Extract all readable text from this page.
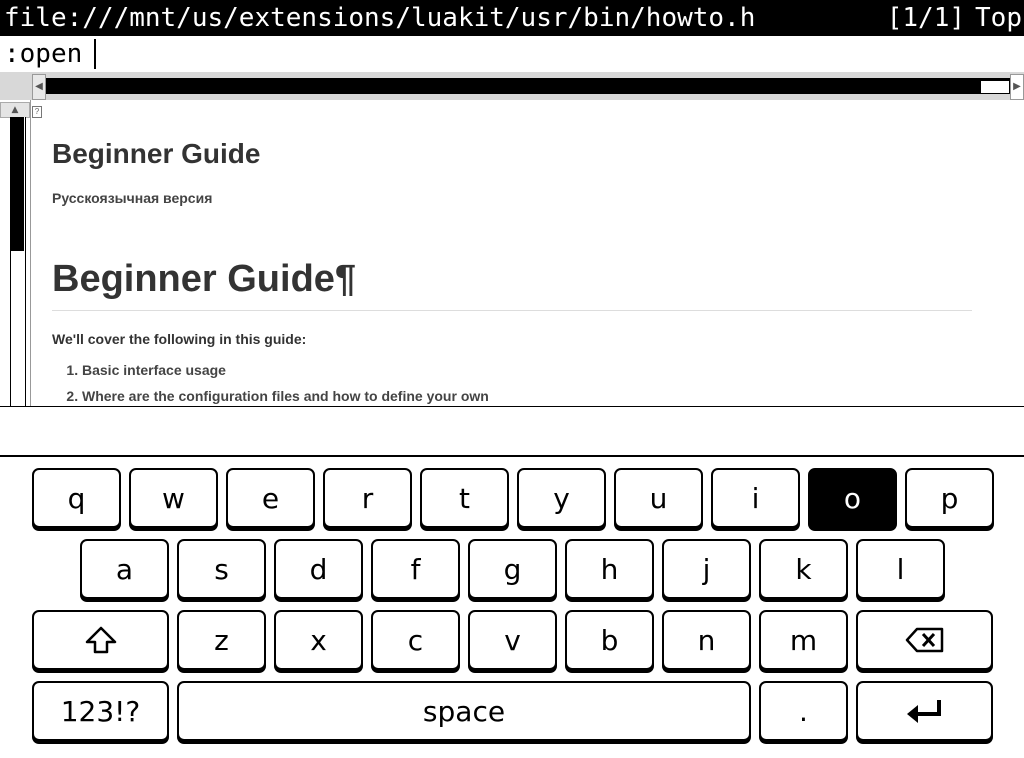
file:///mnt/us/extensions/luakit/usr/bin/howto.h	[1/1] Top
:open
◀	▶
▲	?
Beginner Guide
Русскоязычная версия
Beginner Guide¶
We'll cover the following in this guide:
1. Basic interface usage
2. Where are the configuration files and how to define your own
q	w	e	r	t	y	u	i	o	p
a	s	d	f	g	h	j	k	l
z	x	c	v	b	n	m
123!?	space	.
